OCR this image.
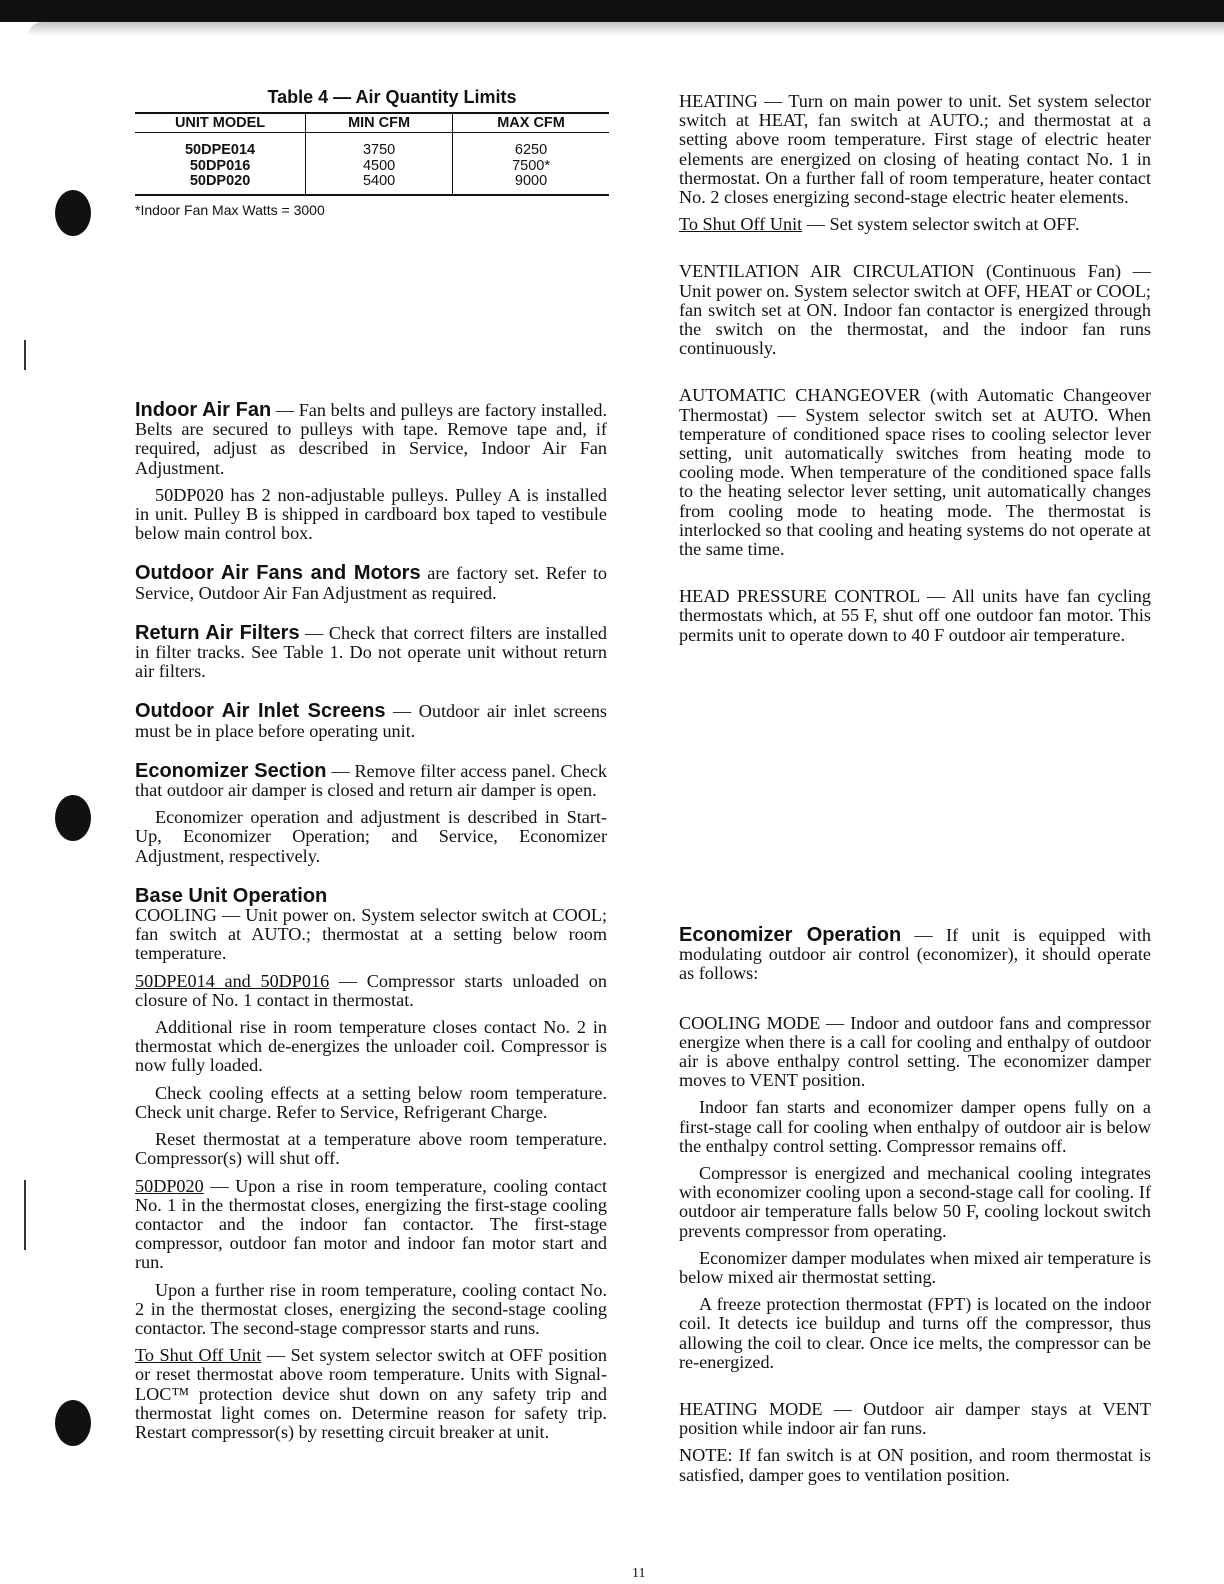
Table 4 — Air Quantity Limits
UNIT MODEL	MIN CFM	MAX CFM
50DPE014	3750	6250
50DP016	4500	7500*
50DP020	5400	9000
*Indoor Fan Max Watts = 3000

Indoor Air Fan — Fan belts and pulleys are factory installed. Belts are secured to pulleys with tape. Remove tape and, if required, adjust as described in Service, Indoor Air Fan Adjustment.

50DP020 has 2 non-adjustable pulleys. Pulley A is installed in unit. Pulley B is shipped in cardboard box taped to vestibule below main control box.

Outdoor Air Fans and Motors are factory set. Refer to Service, Outdoor Air Fan Adjustment as required.

Return Air Filters — Check that correct filters are installed in filter tracks. See Table 1. Do not operate unit without return air filters.

Outdoor Air Inlet Screens — Outdoor air inlet screens must be in place before operating unit.

Economizer Section — Remove filter access panel. Check that outdoor air damper is closed and return air damper is open.

Economizer operation and adjustment is described in Start-Up, Economizer Operation; and Service, Economizer Adjustment, respectively.

Base Unit Operation

COOLING — Unit power on. System selector switch at COOL; fan switch at AUTO.; thermostat at a setting below room temperature.

50DPE014 and 50DP016 — Compressor starts unloaded on closure of No. 1 contact in thermostat.

Additional rise in room temperature closes contact No. 2 in thermostat which de-energizes the unloader coil. Compressor is now fully loaded.

Check cooling effects at a setting below room temperature. Check unit charge. Refer to Service, Refrigerant Charge.

Reset thermostat at a temperature above room temperature. Compressor(s) will shut off.

50DP020 — Upon a rise in room temperature, cooling contact No. 1 in the thermostat closes, energizing the first-stage cooling contactor and the indoor fan contactor. The first-stage compressor, outdoor fan motor and indoor fan motor start and run.

Upon a further rise in room temperature, cooling contact No. 2 in the thermostat closes, energizing the second-stage cooling contactor. The second-stage compressor starts and runs.

To Shut Off Unit — Set system selector switch at OFF position or reset thermostat above room temperature. Units with Signal-LOC™ protection device shut down on any safety trip and thermostat light comes on. Determine reason for safety trip. Restart compressor(s) by resetting circuit breaker at unit.

HEATING — Turn on main power to unit. Set system selector switch at HEAT, fan switch at AUTO.; and thermostat at a setting above room temperature. First stage of electric heater elements are energized on closing of heating contact No. 1 in thermostat. On a further fall of room temperature, heater contact No. 2 closes energizing second-stage electric heater elements.

To Shut Off Unit — Set system selector switch at OFF.

VENTILATION AIR CIRCULATION (Continuous Fan) — Unit power on. System selector switch at OFF, HEAT or COOL; fan switch set at ON. Indoor fan contactor is energized through the switch on the thermostat, and the indoor fan runs continuously.

AUTOMATIC CHANGEOVER (with Automatic Changeover Thermostat) — System selector switch set at AUTO. When temperature of conditioned space rises to cooling selector lever setting, unit automatically switches from heating mode to cooling mode. When temperature of the conditioned space falls to the heating selector lever setting, unit automatically changes from cooling mode to heating mode. The thermostat is interlocked so that cooling and heating systems do not operate at the same time.

HEAD PRESSURE CONTROL — All units have fan cycling thermostats which, at 55 F, shut off one outdoor fan motor. This permits unit to operate down to 40 F outdoor air temperature.

Economizer Operation — If unit is equipped with modulating outdoor air control (economizer), it should operate as follows:

COOLING MODE — Indoor and outdoor fans and compressor energize when there is a call for cooling and enthalpy of outdoor air is above enthalpy control setting. The economizer damper moves to VENT position.

Indoor fan starts and economizer damper opens fully on a first-stage call for cooling when enthalpy of outdoor air is below the enthalpy control setting. Compressor remains off.

Compressor is energized and mechanical cooling integrates with economizer cooling upon a second-stage call for cooling. If outdoor air temperature falls below 50 F, cooling lockout switch prevents compressor from operating.

Economizer damper modulates when mixed air temperature is below mixed air thermostat setting.

A freeze protection thermostat (FPT) is located on the indoor coil. It detects ice buildup and turns off the compressor, thus allowing the coil to clear. Once ice melts, the compressor can be re-energized.

HEATING MODE — Outdoor air damper stays at VENT position while indoor air fan runs.

NOTE: If fan switch is at ON position, and room thermostat is satisfied, damper goes to ventilation position.

11
